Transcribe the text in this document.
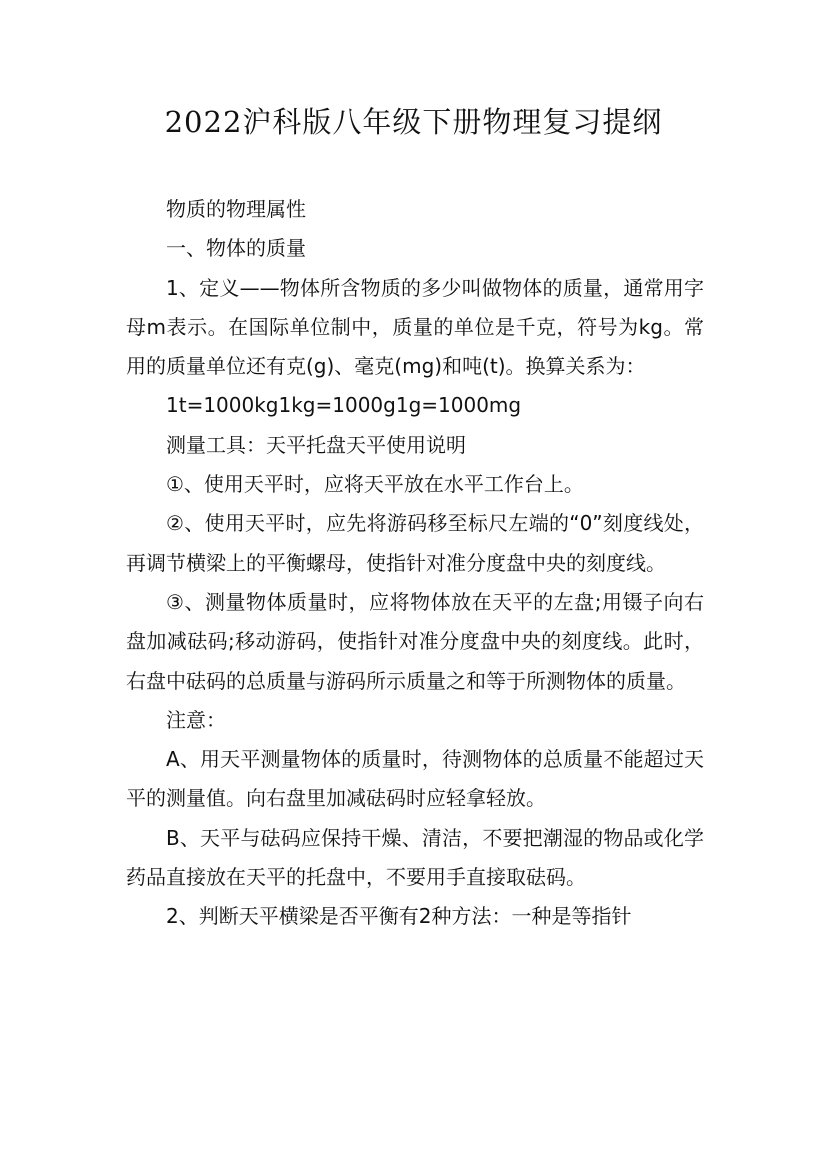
2022沪科版八年级下册物理复习提纲

物质的物理属性

一、物体的质量

1、定义——物体所含物质的多少叫做物体的质量，通常用字母m表示。在国际单位制中，质量的单位是千克，符号为kg。常用的质量单位还有克(g)、毫克(mg)和吨(t)。换算关系为：

1t=1000kg1kg=1000g1g=1000mg

测量工具：天平托盘天平使用说明

①、使用天平时，应将天平放在水平工作台上。

②、使用天平时，应先将游码移至标尺左端的“0”刻度线处，再调节横梁上的平衡螺母，使指针对准分度盘中央的刻度线。

③、测量物体质量时，应将物体放在天平的左盘;用镊子向右盘加减砝码;移动游码，使指针对准分度盘中央的刻度线。此时，右盘中砝码的总质量与游码所示质量之和等于所测物体的质量。

注意：

A、用天平测量物体的质量时，待测物体的总质量不能超过天平的测量值。向右盘里加减砝码时应轻拿轻放。

B、天平与砝码应保持干燥、清洁，不要把潮湿的物品或化学药品直接放在天平的托盘中，不要用手直接取砝码。

2、判断天平横梁是否平衡有2种方法：一种是等指针
